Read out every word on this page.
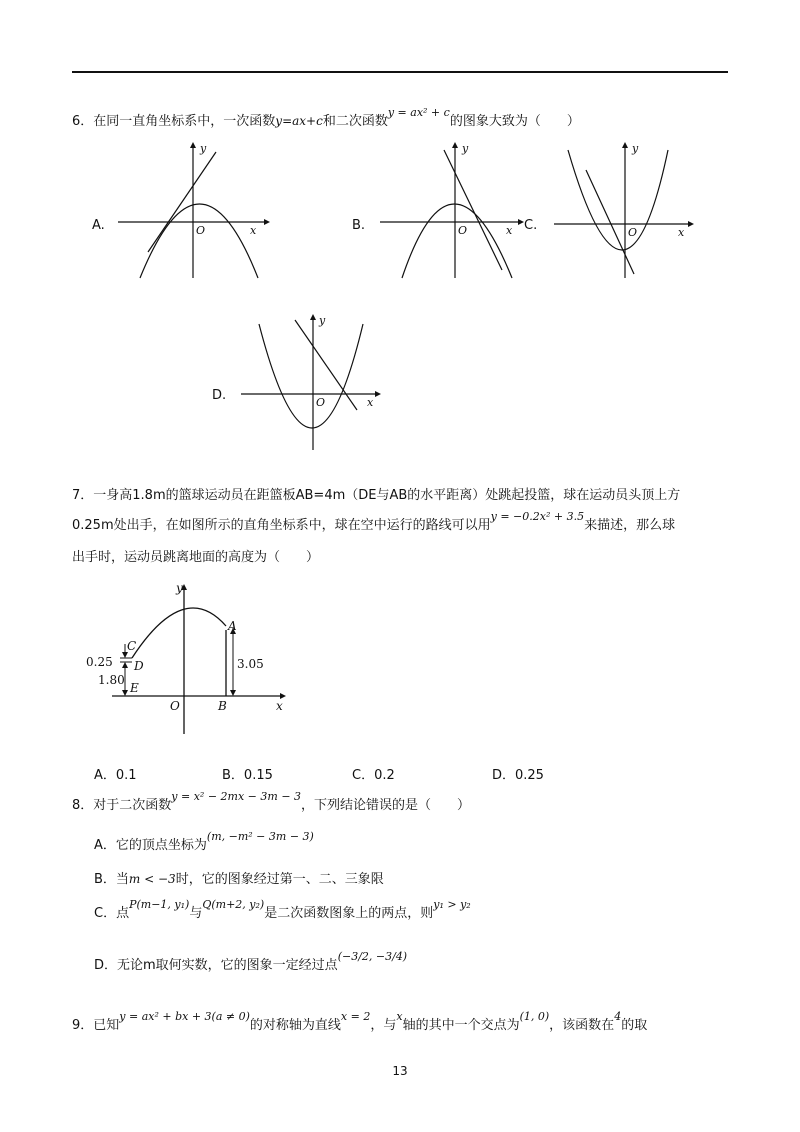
6．在同一直角坐标系中，一次函数y=ax+c和二次函数$^{y = ax^2 + c}$的图象大致为（　　）
A.
y
x
O	B.
y
x
O	C.
y
x
O
D.
y
x
O
7．一身高1.8m的篮球运动员在距篮板AB=4m（DE与AB的水平距离）处跳起投篮，球在运动员头顶上方
0.25m处出手，在如图所示的直角坐标系中，球在空中运行的路线可以用$^{y = -0.2x^2 + 3.5}$来描述，那么球
出手时，运动员跳离地面的高度为（　　）
y
x
O
A
B
C
D
E
0.25
1.80
3.05
A．0.1	B．0.15	C．0.2	D．0.25
8．对于二次函数$^{y = x^2 - 2mx - 3m - 3}$，下列结论错误的是（　　）
A．它的顶点坐标为$^{(m, -m^2 - 3m - 3)}$
B．当m < −3时，它的图象经过第一、二、三象限
C．点$^{P(m-1, y_1)}$与$^{Q(m+2, y_2)}$是二次函数图象上的两点，则$^{y_1 > y_2}$
D．无论m取何实数，它的图象一定经过点$^{(-3/2, -3/4)}$
9．已知$^{y = ax^2 + bx + 3(a \ne 0)}$的对称轴为直线$^{x = 2}$，与$^x$轴的其中一个交点为$^{(1, 0)}$，该函数在$^4$的取
13
